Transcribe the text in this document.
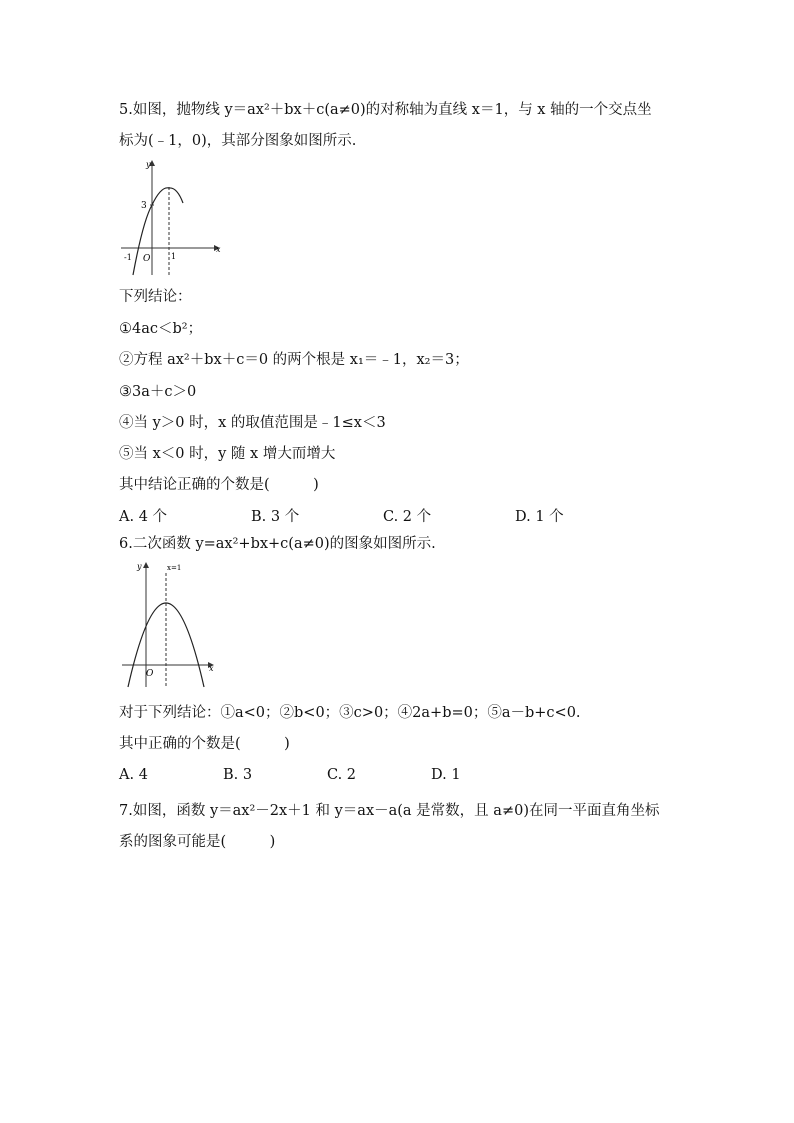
5.如图，抛物线 y＝ax²＋bx＋c(a≠0)的对称轴为直线 x＝1，与 x 轴的一个交点坐
标为(﹣1，0)，其部分图象如图所示.
y
x
3
-1 O	1
下列结论：
①4ac＜b²；
②方程 ax²＋bx＋c＝0 的两个根是 x₁＝﹣1，x₂＝3；
③3a＋c＞0
④当 y＞0 时，x 的取值范围是﹣1≤x＜3
⑤当 x＜0 时，y 随 x 增大而增大
其中结论正确的个数是(　　　)
A. 4 个	B. 3 个	C. 2 个	D. 1 个
6.二次函数 y=ax²+bx+c(a≠0)的图象如图所示.
y
x
x=1
O
对于下列结论：①a<0；②b<0；③c>0；④2a+b=0；⑤a－b+c<0.
其中正确的个数是(　　　)
A. 4	B. 3	C. 2	D. 1
7.如图，函数 y＝ax²－2x＋1 和 y＝ax－a(a 是常数，且 a≠0)在同一平面直角坐标
系的图象可能是(　　　)
